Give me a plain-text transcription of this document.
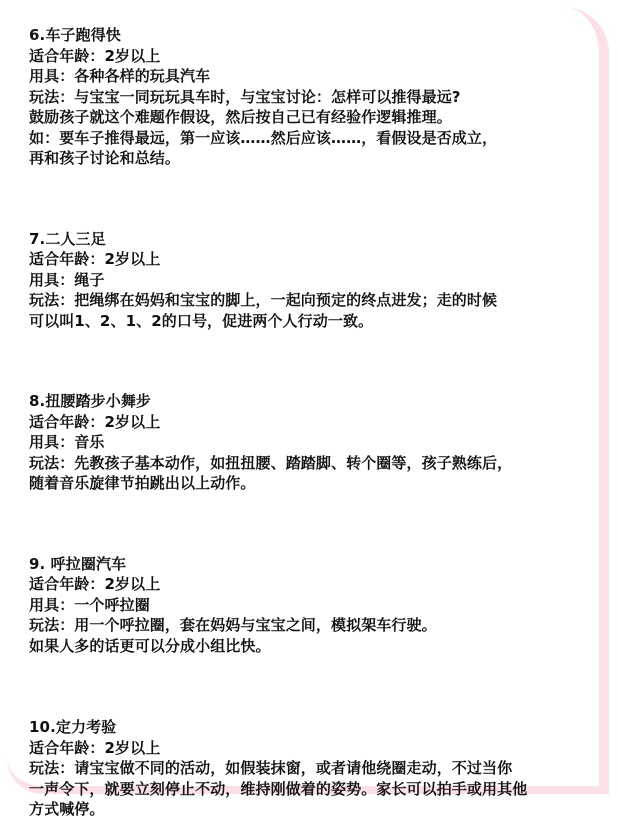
6.车子跑得快
适合年龄：2岁以上
用具：各种各样的玩具汽车
玩法：与宝宝一同玩玩具车时，与宝宝讨论：怎样可以推得最远?
鼓励孩子就这个难题作假设，然后按自己已有经验作逻辑推理。
如：要车子推得最远，第一应该……然后应该……，看假设是否成立，
再和孩子讨论和总结。
7.二人三足
适合年龄：2岁以上
用具：绳子
玩法：把绳绑在妈妈和宝宝的脚上，一起向预定的终点进发；走的时候
可以叫1、2、1、2的口号，促进两个人行动一致。
8.扭腰踏步小舞步
适合年龄：2岁以上
用具：音乐
玩法：先教孩子基本动作，如扭扭腰、踏踏脚、转个圈等，孩子熟练后，
随着音乐旋律节拍跳出以上动作。
9. 呼拉圈汽车
适合年龄：2岁以上
用具：一个呼拉圈
玩法：用一个呼拉圈，套在妈妈与宝宝之间，模拟架车行驶。
如果人多的话更可以分成小组比快。
10.定力考验
适合年龄：2岁以上
玩法：请宝宝做不同的活动，如假装抹窗，或者请他绕圈走动，不过当你
一声令下，就要立刻停止不动，维持刚做着的姿势。家长可以拍手或用其他
方式喊停。
